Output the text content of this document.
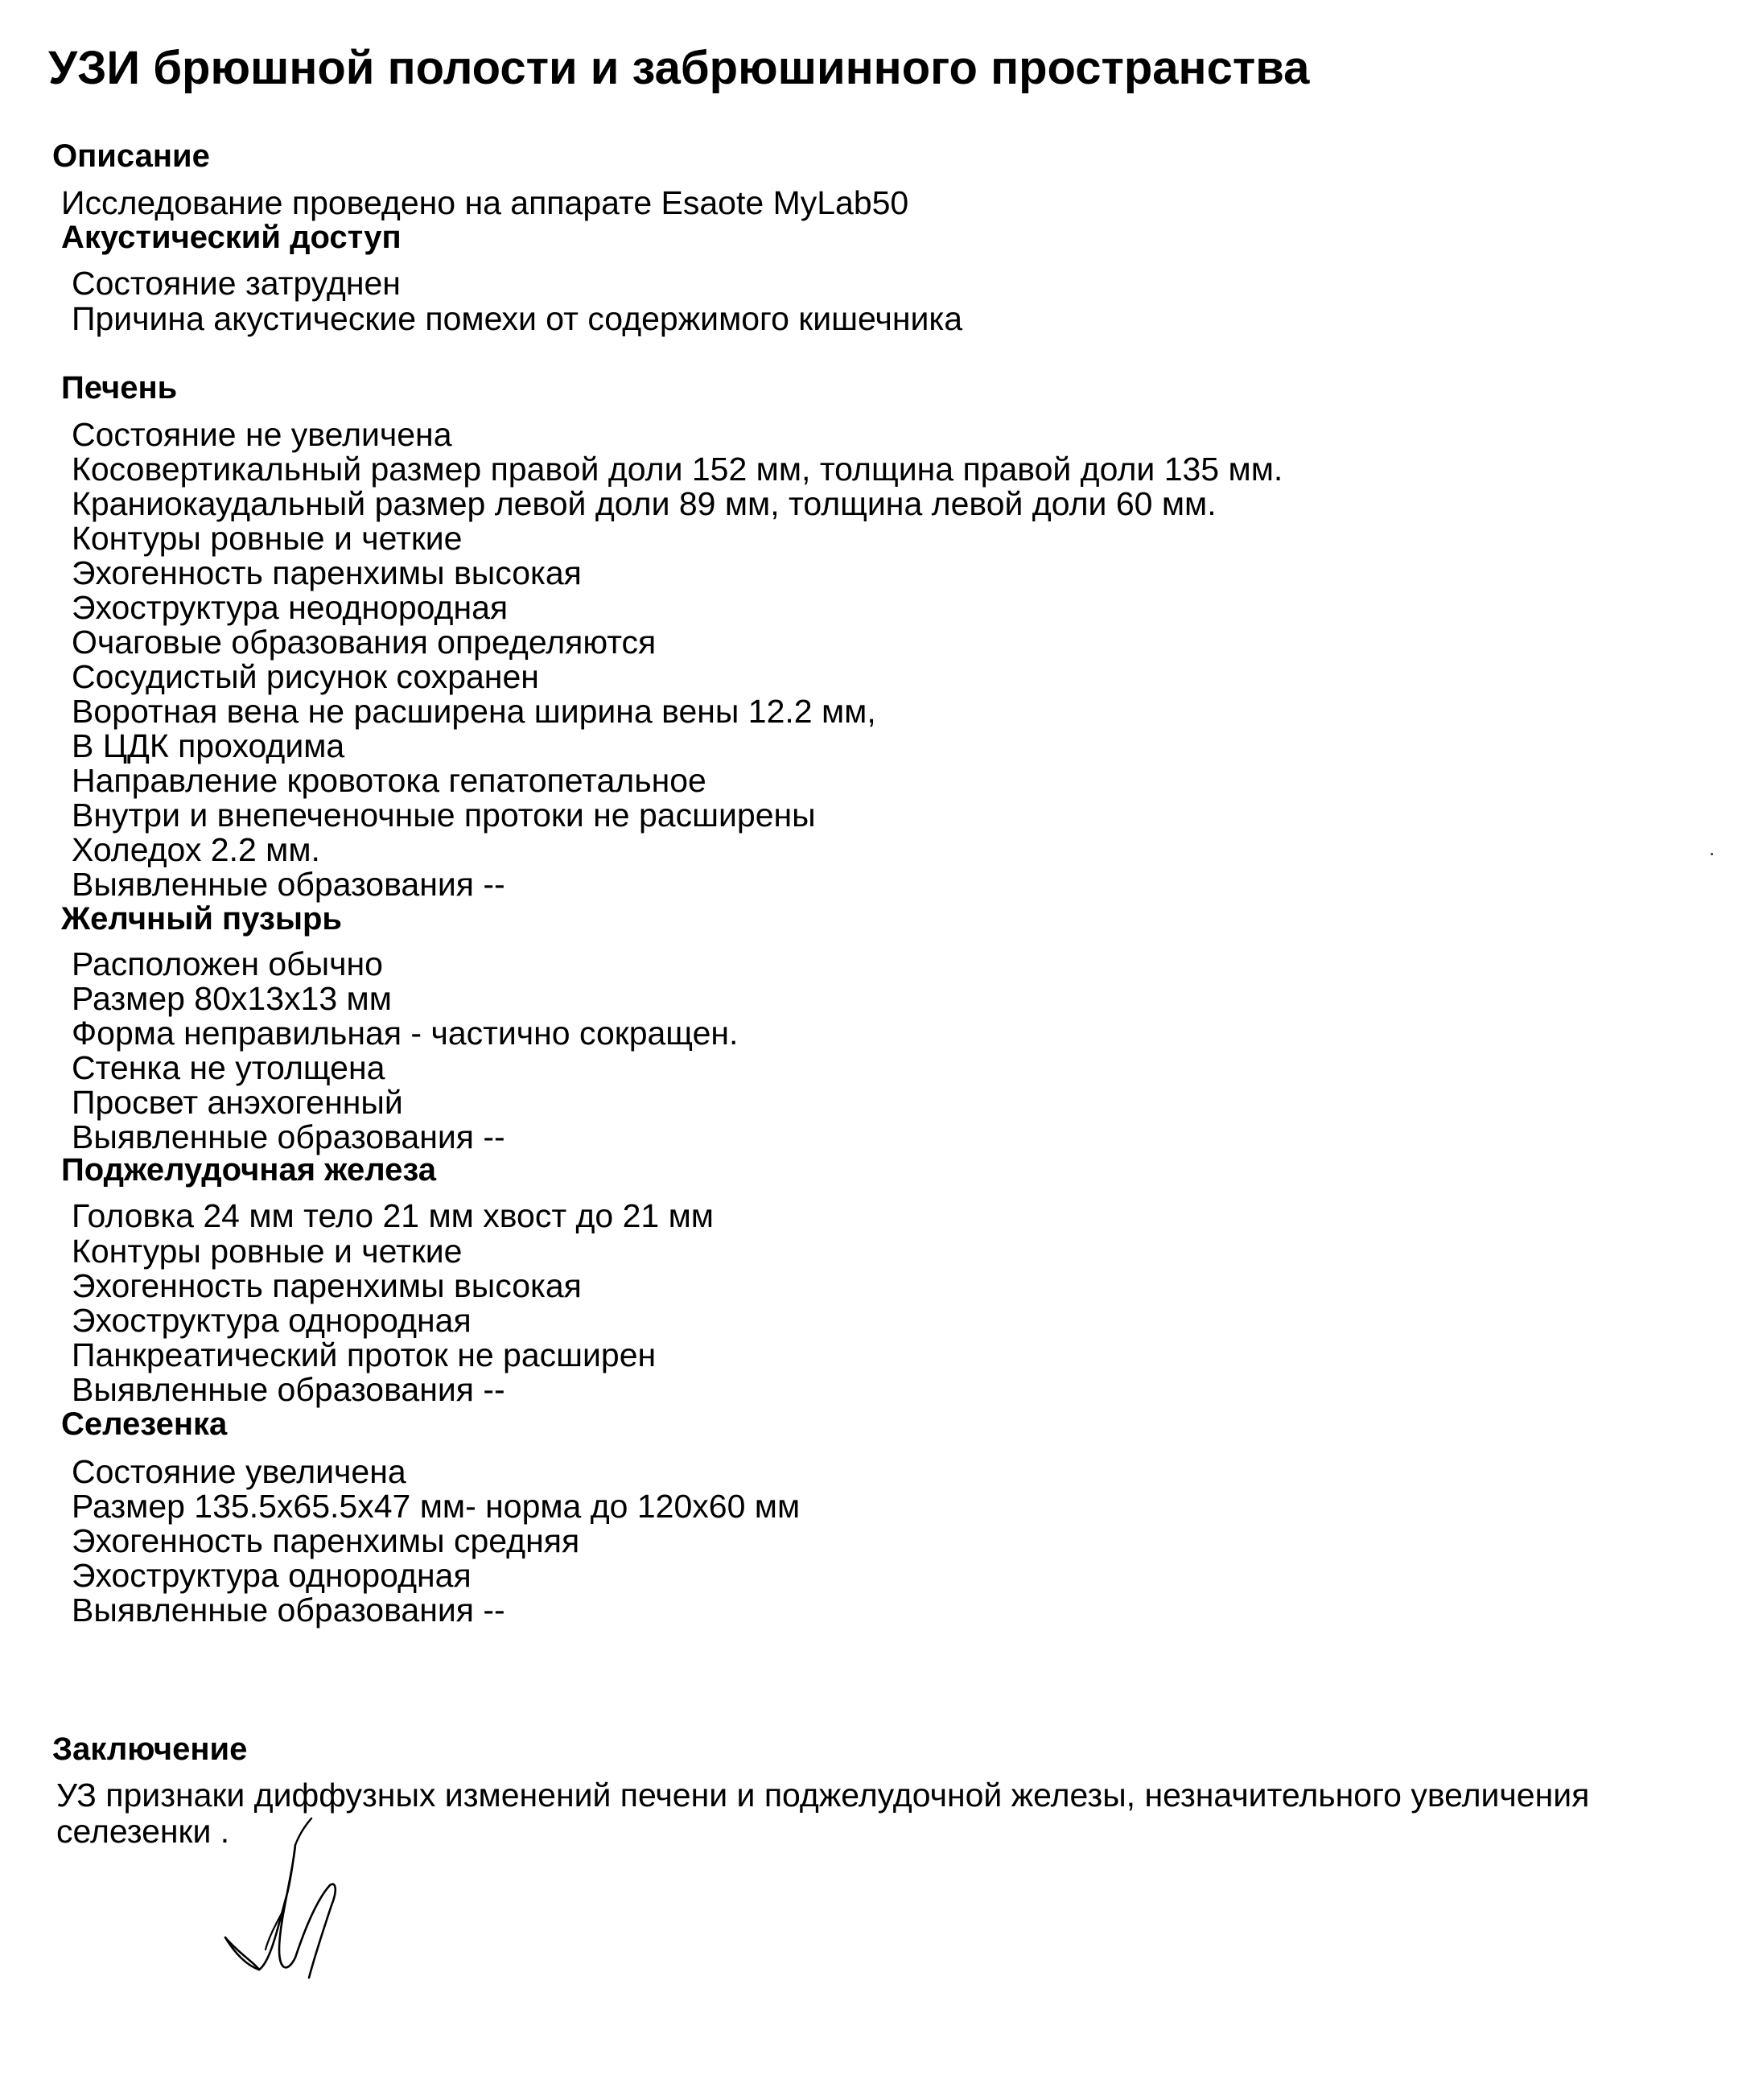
УЗИ брюшной полости и забрюшинного пространства
Описание
Исследование проведено на аппарате Esaote MyLab50
Акустический доступ
Состояние затруднен
Причина акустические помехи от содержимого кишечника
Печень
Состояние не увеличена
Косовертикальный размер правой доли 152 мм, толщина правой доли 135 мм.
Краниокаудальный размер левой доли 89 мм, толщина левой доли 60 мм.
Контуры ровные и четкие
Эхогенность паренхимы высокая
Эхоструктура неоднородная
Очаговые образования определяются
Сосудистый рисунок сохранен
Воротная вена не расширена ширина вены 12.2 мм,
В ЦДК проходима
Направление кровотока гепатопетальное
Внутри и внепеченочные протоки не расширены
Холедох 2.2 мм.
Выявленные образования --
Желчный пузырь
Расположен обычно
Размер 80х13х13 мм
Форма неправильная - частично сокращен.
Стенка не утолщена
Просвет анэхогенный
Выявленные образования --
Поджелудочная железа
Головка 24 мм тело 21 мм хвост до 21 мм
Контуры ровные и четкие
Эхогенность паренхимы высокая
Эхоструктура однородная
Панкреатический проток не расширен
Выявленные образования --
Селезенка
Состояние увеличена
Размер 135.5х65.5х47 мм- норма до 120х60 мм
Эхогенность паренхимы средняя
Эхоструктура однородная
Выявленные образования --
Заключение
УЗ признаки диффузных изменений печени и поджелудочной железы, незначительного увеличения
селезенки .
